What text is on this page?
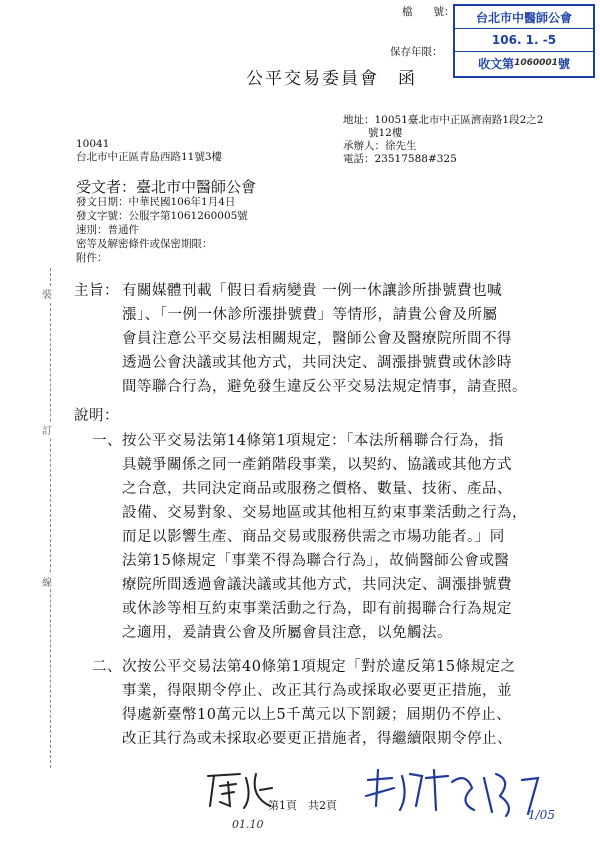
檔　　號：
保存年限：
公平交易委員會　函
台北市中醫師公會
106. 1. -5
收文第 1060001 號
10041
台北市中正區青島西路11號3樓
地址：10051臺北市中正區濟南路1段2之2
號12樓
承辦人：徐先生
電話：23517588#325
受文者：臺北市中醫師公會
發文日期：中華民國106年1月4日
發文字號：公服字第1061260005號
速別：普通件
密等及解密條件或保密期限：
附件：
裝
訂
線
主旨： 有關媒體刊載「假日看病變貴 一例一休讓診所掛號費也喊
漲」、「一例一休診所漲掛號費」等情形，請貴公會及所屬
會員注意公平交易法相關規定，醫師公會及醫療院所間不得
透過公會決議或其他方式，共同決定、調漲掛號費或休診時
間等聯合行為，避免發生違反公平交易法規定情事，請查照。
說明：
一、 按公平交易法第14條第1項規定：「本法所稱聯合行為，指
具競爭關係之同一產銷階段事業，以契約、協議或其他方式
之合意，共同決定商品或服務之價格、數量、技術、產品、
設備、交易對象、交易地區或其他相互約束事業活動之行為，
而足以影響生產、商品交易或服務供需之市場功能者。」同
法第15條規定「事業不得為聯合行為」，故倘醫師公會或醫
療院所間透過會議決議或其他方式，共同決定、調漲掛號費
或休診等相互約束事業活動之行為，即有前揭聯合行為規定
之適用，爰請貴公會及所屬會員注意，以免觸法。
二、 次按公平交易法第40條第1項規定「對於違反第15條規定之
事業，得限期令停止、改正其行為或採取必要更正措施，並
得處新臺幣10萬元以上5千萬元以下罰鍰；屆期仍不停止、
改正其行為或未採取必要更正措施者，得繼續限期令停止、
第1頁　共2頁
01.10
1/05
